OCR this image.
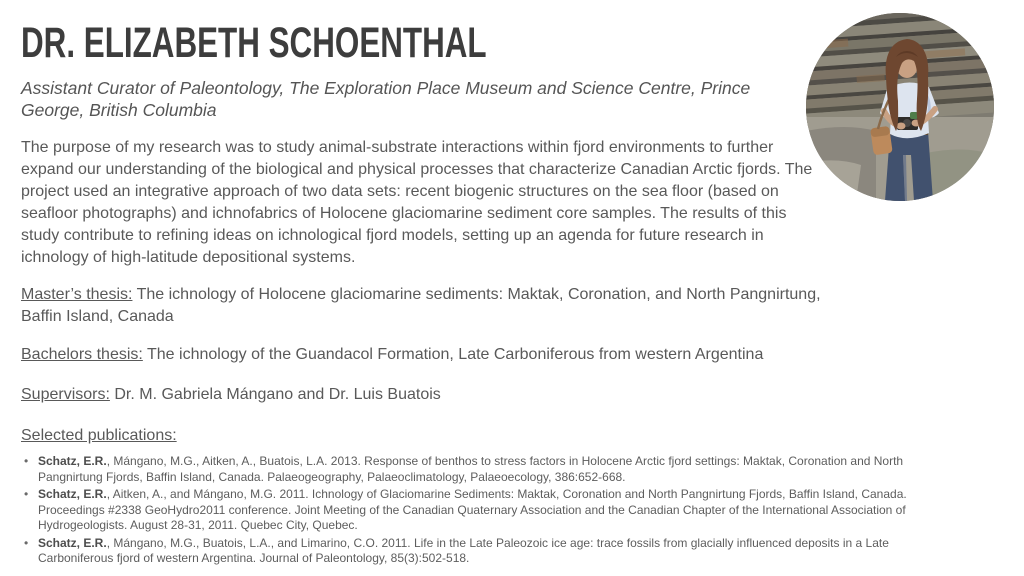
DR. ELIZABETH SCHOENTHAL

Assistant Curator of Paleontology, The Exploration Place Museum and Science Centre, Prince George, British Columbia

The purpose of my research was to study animal-substrate interactions within fjord environments to further expand our understanding of the biological and physical processes that characterize Canadian Arctic fjords. The project used an integrative approach of two data sets: recent biogenic structures on the sea floor (based on seafloor photographs) and ichnofabrics of Holocene glaciomarine sediment core samples. The results of this study contribute to refining ideas on ichnological fjord models, setting up an agenda for future research in ichnology of high-latitude depositional systems.

Master’s thesis: The ichnology of Holocene glaciomarine sediments: Maktak, Coronation, and North Pangnirtung, Baffin Island, Canada

Bachelors thesis: The ichnology of the Guandacol Formation, Late Carboniferous from western Argentina

Supervisors: Dr. M. Gabriela Mángano and Dr. Luis Buatois

Selected publications:

• Schatz, E.R., Mángano, M.G., Aitken, A., Buatois, L.A. 2013. Response of benthos to stress factors in Holocene Arctic fjord settings: Maktak, Coronation and North Pangnirtung Fjords, Baffin Island, Canada. Palaeogeography, Palaeoclimatology, Palaeoecology, 386:652-668.
• Schatz, E.R., Aitken, A., and Mángano, M.G. 2011. Ichnology of Glaciomarine Sediments: Maktak, Coronation and North Pangnirtung Fjords, Baffin Island, Canada. Proceedings #2338 GeoHydro2011 conference. Joint Meeting of the Canadian Quaternary Association and the Canadian Chapter of the International Association of Hydrogeologists. August 28-31, 2011. Quebec City, Quebec.
• Schatz, E.R., Mángano, M.G., Buatois, L.A., and Limarino, C.O. 2011. Life in the Late Paleozoic ice age: trace fossils from glacially influenced deposits in a Late Carboniferous fjord of western Argentina. Journal of Paleontology, 85(3):502-518.
